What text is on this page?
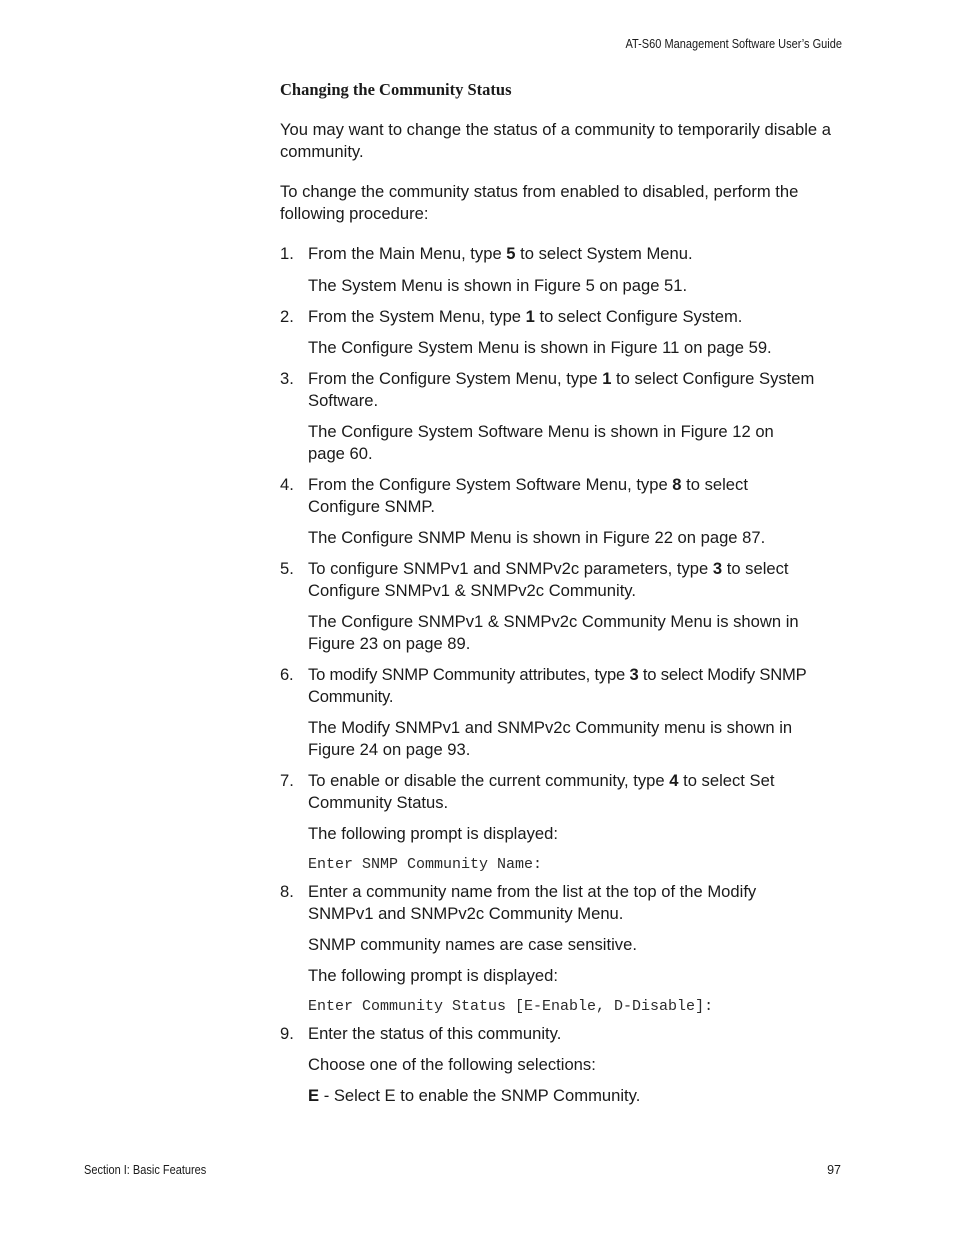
AT-S60 Management Software User’s Guide
Changing the Community Status

You may want to change the status of a community to temporarily disable a community.

To change the community status from enabled to disabled, perform the following procedure:

1. From the Main Menu, type 5 to select System Menu.
The System Menu is shown in Figure 5 on page 51.
2. From the System Menu, type 1 to select Configure System.
The Configure System Menu is shown in Figure 11 on page 59.
3. From the Configure System Menu, type 1 to select Configure System Software.
The Configure System Software Menu is shown in Figure 12 on page 60.
4. From the Configure System Software Menu, type 8 to select Configure SNMP.
The Configure SNMP Menu is shown in Figure 22 on page 87.
5. To configure SNMPv1 and SNMPv2c parameters, type 3 to select Configure SNMPv1 & SNMPv2c Community.
The Configure SNMPv1 & SNMPv2c Community Menu is shown in Figure 23 on page 89.
6. To modify SNMP Community attributes, type 3 to select Modify SNMP Community.
The Modify SNMPv1 and SNMPv2c Community menu is shown in Figure 24 on page 93.
7. To enable or disable the current community, type 4 to select Set Community Status.
The following prompt is displayed:
Enter SNMP Community Name:
8. Enter a community name from the list at the top of the Modify SNMPv1 and SNMPv2c Community Menu.
SNMP community names are case sensitive.
The following prompt is displayed:
Enter Community Status [E-Enable, D-Disable]:
9. Enter the status of this community.
Choose one of the following selections:
E - Select E to enable the SNMP Community.
Section I: Basic Features	97
